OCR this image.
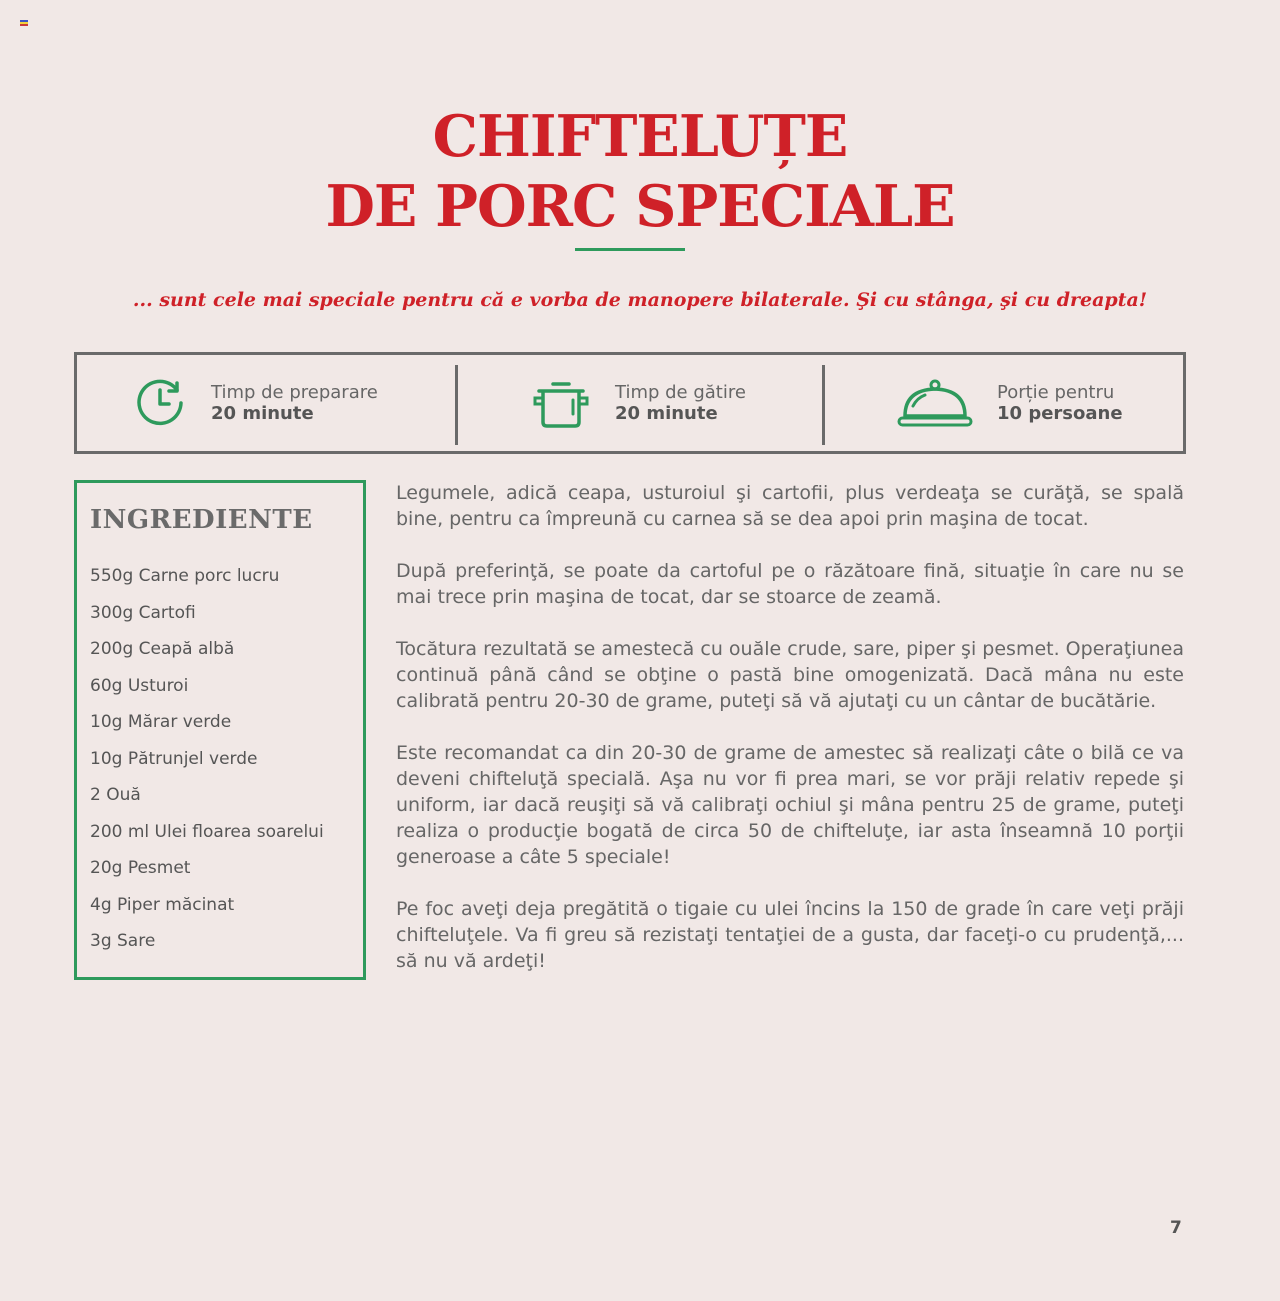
CHIFTELUȚE
DE PORC SPECIALE
... sunt cele mai speciale pentru că e vorba de manopere bilaterale. Şi cu stânga, şi cu dreapta!
Timp de preparare
20 minute
Timp de gătire
20 minute
Porție pentru
10 persoane
INGREDIENTE
550g Carne porc lucru
300g Cartofi
200g Ceapă albă
60g Usturoi
10g Mărar verde
10g Pătrunjel verde
2 Ouă
200 ml Ulei floarea soarelui
20g Pesmet
4g Piper măcinat
3g Sare

Legumele, adică ceapa, usturoiul şi cartofii, plus verdeaţa se curăţă, se spală bine, pentru ca împreună cu carnea să se dea apoi prin maşina de tocat.

După preferinţă, se poate da cartoful pe o răzătoare fină, situaţie în care nu se mai trece prin maşina de tocat, dar se stoarce de zeamă.

Tocătura rezultată se amestecă cu ouăle crude, sare, piper şi pesmet. Operaţiunea continuă până când se obţine o pastă bine omogenizată. Dacă mâna nu este calibrată pentru 20-30 de grame, puteţi să vă ajutaţi cu un cântar de bucătărie.

Este recomandat ca din 20-30 de grame de amestec să realizaţi câte o bilă ce va deveni chifteluţă specială. Aşa nu vor fi prea mari, se vor prăji relativ repede şi uniform, iar dacă reuşiţi să vă calibraţi ochiul şi mâna pentru 25 de grame, puteţi realiza o producţie bogată de circa 50 de chifteluţe, iar asta înseamnă 10 porţii generoase a câte 5 speciale!

Pe foc aveţi deja pregătită o tigaie cu ulei încins la 150 de grade în care veţi prăji chifteluţele. Va fi greu să rezistaţi tentaţiei de a gusta, dar faceţi-o cu prudenţă,... să nu vă ardeţi!

7
